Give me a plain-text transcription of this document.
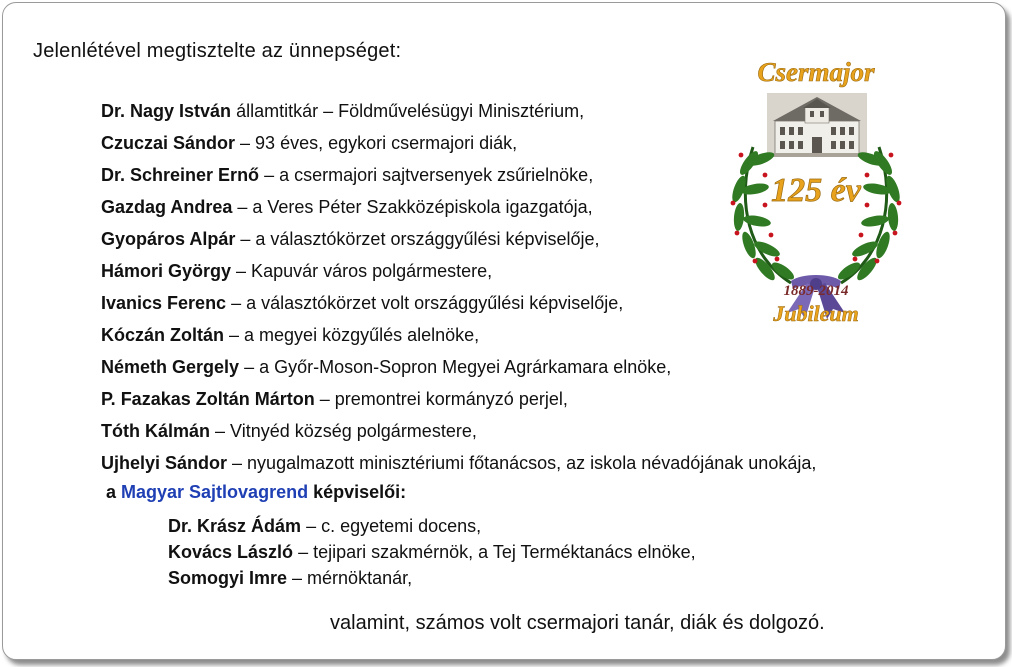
Jelenlétével megtisztelte az ünnepséget:
Dr. Nagy István államtitkár – Földművelésügyi Minisztérium,
Czuczai Sándor – 93 éves, egykori csermajori diák,
Dr. Schreiner Ernő – a csermajori sajtversenyek zsűrielnöke,
Gazdag Andrea – a Veres Péter Szakközépiskola igazgatója,
Gyopáros Alpár – a választókörzet országgyűlési képviselője,
Hámori György – Kapuvár város polgármestere,
Ivanics Ferenc – a választókörzet volt országgyűlési képviselője,
Kóczán Zoltán – a megyei közgyűlés alelnöke,
Németh Gergely – a Győr-Moson-Sopron Megyei Agrárkamara elnöke,
P. Fazakas Zoltán Márton – premontrei kormányzó perjel,
Tóth Kálmán – Vitnyéd község polgármestere,
Ujhelyi Sándor – nyugalmazott minisztériumi főtanácsos, az iskola névadójának unokája,
a Magyar Sajtlovagrend képviselői:
Dr. Krász Ádám – c. egyetemi docens,
Kovács László – tejipari szakmérnök, a Tej Terméktanács elnöke,
Somogyi Imre – mérnöktanár,
valamint, számos volt csermajori tanár, diák és dolgozó.
Csermajor
125 év
1889-2014
Jubileum
